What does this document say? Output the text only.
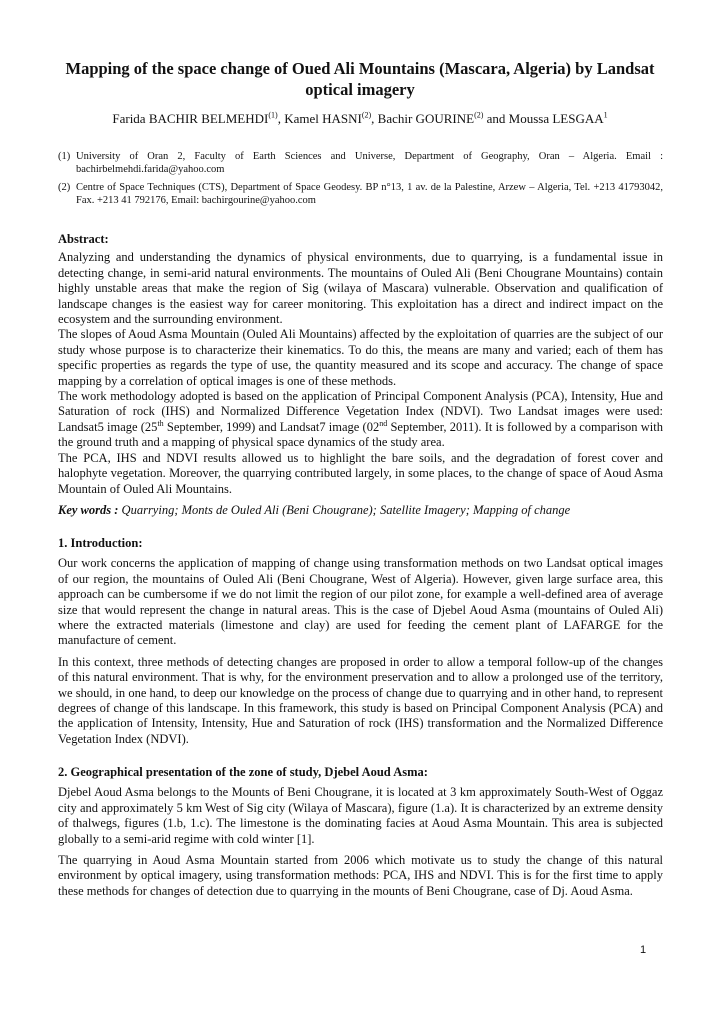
Mapping of the space change of Oued Ali Mountains (Mascara, Algeria) by Landsat optical imagery
Farida BACHIR BELMEHDI$^{(1)}$, Kamel HASNI$^{(2)}$, Bachir GOURINE$^{(2)}$ and Moussa LESGAA$^1$
(1) University of Oran 2, Faculty of Earth Sciences and Universe, Department of Geography, Oran – Algeria. Email : bachirbelmehdi.farida@yahoo.com
(2) Centre of Space Techniques (CTS), Department of Space Geodesy. BP n°13, 1 av. de la Palestine, Arzew – Algeria, Tel. +213 41793042, Fax. +213 41 792176, Email: bachirgourine@yahoo.com

Abstract:

Analyzing and understanding the dynamics of physical environments, due to quarrying, is a fundamental issue in detecting change, in semi-arid natural environments. The mountains of Ouled Ali (Beni Chougrane Mountains) contain highly unstable areas that make the region of Sig (wilaya of Mascara) vulnerable. Observation and qualification of landscape changes is the easiest way for career monitoring. This exploitation has a direct and indirect impact on the ecosystem and the surrounding environment.

The slopes of Aoud Asma Mountain (Ouled Ali Mountains) affected by the exploitation of quarries are the subject of our study whose purpose is to characterize their kinematics. To do this, the means are many and varied; each of them has specific properties as regards the type of use, the quantity measured and its scope and accuracy. The change of space mapping by a correlation of optical images is one of these methods.

The work methodology adopted is based on the application of Principal Component Analysis (PCA), Intensity, Hue and Saturation of rock (IHS) and Normalized Difference Vegetation Index (NDVI). Two Landsat images were used: Landsat5 image (25th September, 1999) and Landsat7 image (02nd September, 2011). It is followed by a comparison with the ground truth and a mapping of physical space dynamics of the study area.

The PCA, IHS and NDVI results allowed us to highlight the bare soils, and the degradation of forest cover and halophyte vegetation. Moreover, the quarrying contributed largely, in some places, to the change of space of Aoud Asma Mountain of Ouled Ali Mountains.

Key words : Quarrying; Monts de Ouled Ali (Beni Chougrane); Satellite Imagery; Mapping of change

1. Introduction:

Our work concerns the application of mapping of change using transformation methods on two Landsat optical images of our region, the mountains of Ouled Ali (Beni Chougrane, West of Algeria). However, given large surface area, this approach can be cumbersome if we do not limit the region of our pilot zone, for example a well-defined area of average size that would represent the change in natural areas. This is the case of Djebel Aoud Asma (mountains of Ouled Ali) where the extracted materials (limestone and clay) are used for feeding the cement plant of LAFARGE for the manufacture of cement.

In this context, three methods of detecting changes are proposed in order to allow a temporal follow-up of the changes of this natural environment. That is why, for the environment preservation and to allow a prolonged use of the territory, we should, in one hand, to deep our knowledge on the process of change due to quarrying and in other hand, to represent degrees of change of this landscape. In this framework, this study is based on Principal Component Analysis (PCA) and the application of Intensity, Intensity, Hue and Saturation of rock (IHS) transformation and the Normalized Difference Vegetation Index (NDVI).

2. Geographical presentation of the zone of study, Djebel Aoud Asma:

Djebel Aoud Asma belongs to the Mounts of Beni Chougrane, it is located at 3 km approximately South-West of Oggaz city and approximately 5 km West of Sig city (Wilaya of Mascara), figure (1.a). It is characterized by an extreme density of thalwegs, figures (1.b, 1.c). The limestone is the dominating facies at Aoud Asma Mountain. This area is subjected globally to a semi-arid regime with cold winter [1].

The quarrying in Aoud Asma Mountain started from 2006 which motivate us to study the change of this natural environment by optical imagery, using transformation methods: PCA, IHS and NDVI. This is for the first time to apply these methods for changes of detection due to quarrying in the mounts of Beni Chougrane, case of Dj. Aoud Asma.

1
